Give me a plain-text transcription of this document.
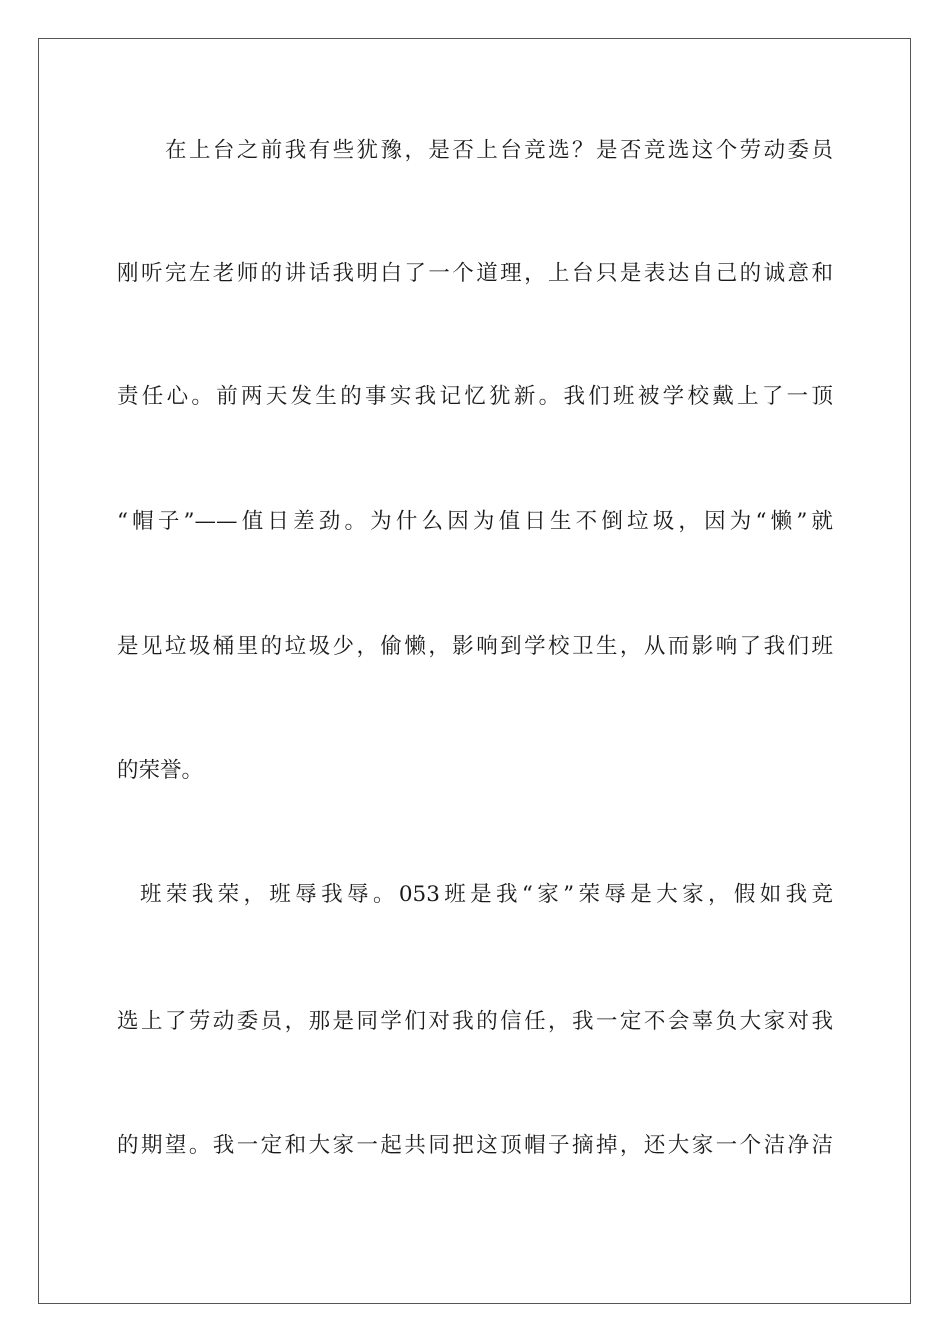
在上台之前我有些犹豫，是否上台竞选？是否竞选这个劳动委员
刚听完左老师的讲话我明白了一个道理，上台只是表达自己的诚意和
责任心。前两天发生的事实我记忆犹新。我们班被学校戴上了一顶
“帽子”——值日差劲。为什么因为值日生不倒垃圾，因为“懒”就
是见垃圾桶里的垃圾少，偷懒，影响到学校卫生，从而影响了我们班
的荣誉。
班荣我荣，班辱我辱。053班是我“家”荣辱是大家，假如我竞
选上了劳动委员，那是同学们对我的信任，我一定不会辜负大家对我
的期望。我一定和大家一起共同把这顶帽子摘掉，还大家一个洁净洁
